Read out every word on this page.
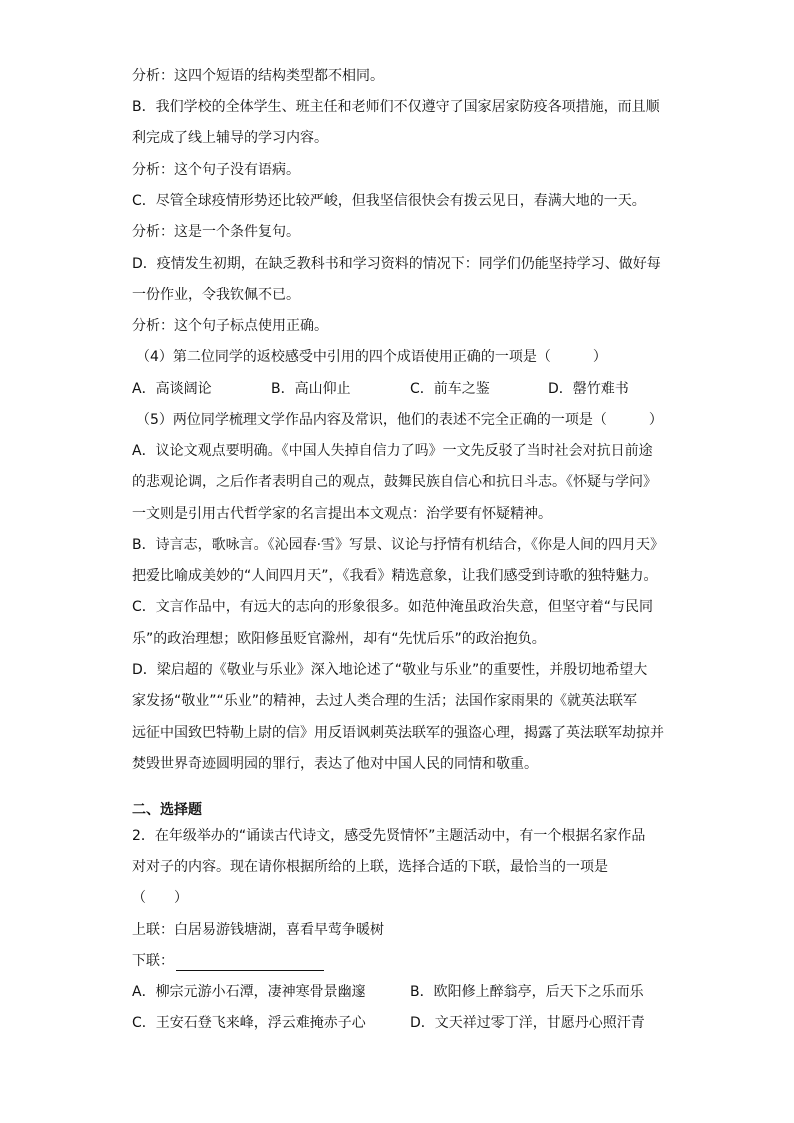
分析：这四个短语的结构类型都不相同。

B．我们学校的全体学生、班主任和老师们不仅遵守了国家居家防疫各项措施，而且顺

利完成了线上辅导的学习内容。

分析：这个句子没有语病。

C．尽管全球疫情形势还比较严峻，但我坚信很快会有拨云见日，春满大地的一天。

分析：这是一个条件复句。

D．疫情发生初期，在缺乏教科书和学习资料的情况下：同学们仍能坚持学习、做好每

一份作业，令我钦佩不已。

分析：这个句子标点使用正确。

（4）第二位同学的返校感受中引用的四个成语使用正确的一项是（　　　）

A．高谈阔论	B．高山仰止	C．前车之鉴	D．罄竹难书

（5）两位同学梳理文学作品内容及常识，他们的表述不完全正确的一项是（　　　）

A．议论文观点要明确。《中国人失掉自信力了吗》一文先反驳了当时社会对抗日前途

的悲观论调，之后作者表明自己的观点，鼓舞民族自信心和抗日斗志。《怀疑与学问》

一文则是引用古代哲学家的名言提出本文观点：治学要有怀疑精神。

B．诗言志，歌咏言。《沁园春·雪》写景、议论与抒情有机结合，《你是人间的四月天》

把爱比喻成美妙的“人间四月天”，《我看》精选意象，让我们感受到诗歌的独特魅力。

C．文言作品中，有远大的志向的形象很多。如范仲淹虽政治失意，但坚守着“与民同

乐”的政治理想；欧阳修虽贬官滁州，却有“先忧后乐”的政治抱负。

D．梁启超的《敬业与乐业》深入地论述了“敬业与乐业”的重要性，并殷切地希望大

家发扬“敬业”“乐业”的精神，去过人类合理的生活；法国作家雨果的《就英法联军

远征中国致巴特勒上尉的信》用反语讽刺英法联军的强盗心理，揭露了英法联军劫掠并

焚毁世界奇迹圆明园的罪行，表达了他对中国人民的同情和敬重。

二、选择题

2．在年级举办的“诵读古代诗文，感受先贤情怀”主题活动中，有一个根据名家作品

对对子的内容。现在请你根据所给的上联，选择合适的下联，最恰当的一项是

（　　）

上联：白居易游钱塘湖，喜看早莺争暖树

下联：

A．柳宗元游小石潭，凄神寒骨景幽邃	B．欧阳修上醉翁亭，后天下之乐而乐
C．王安石登飞来峰，浮云难掩赤子心	D．文天祥过零丁洋，甘愿丹心照汗青
